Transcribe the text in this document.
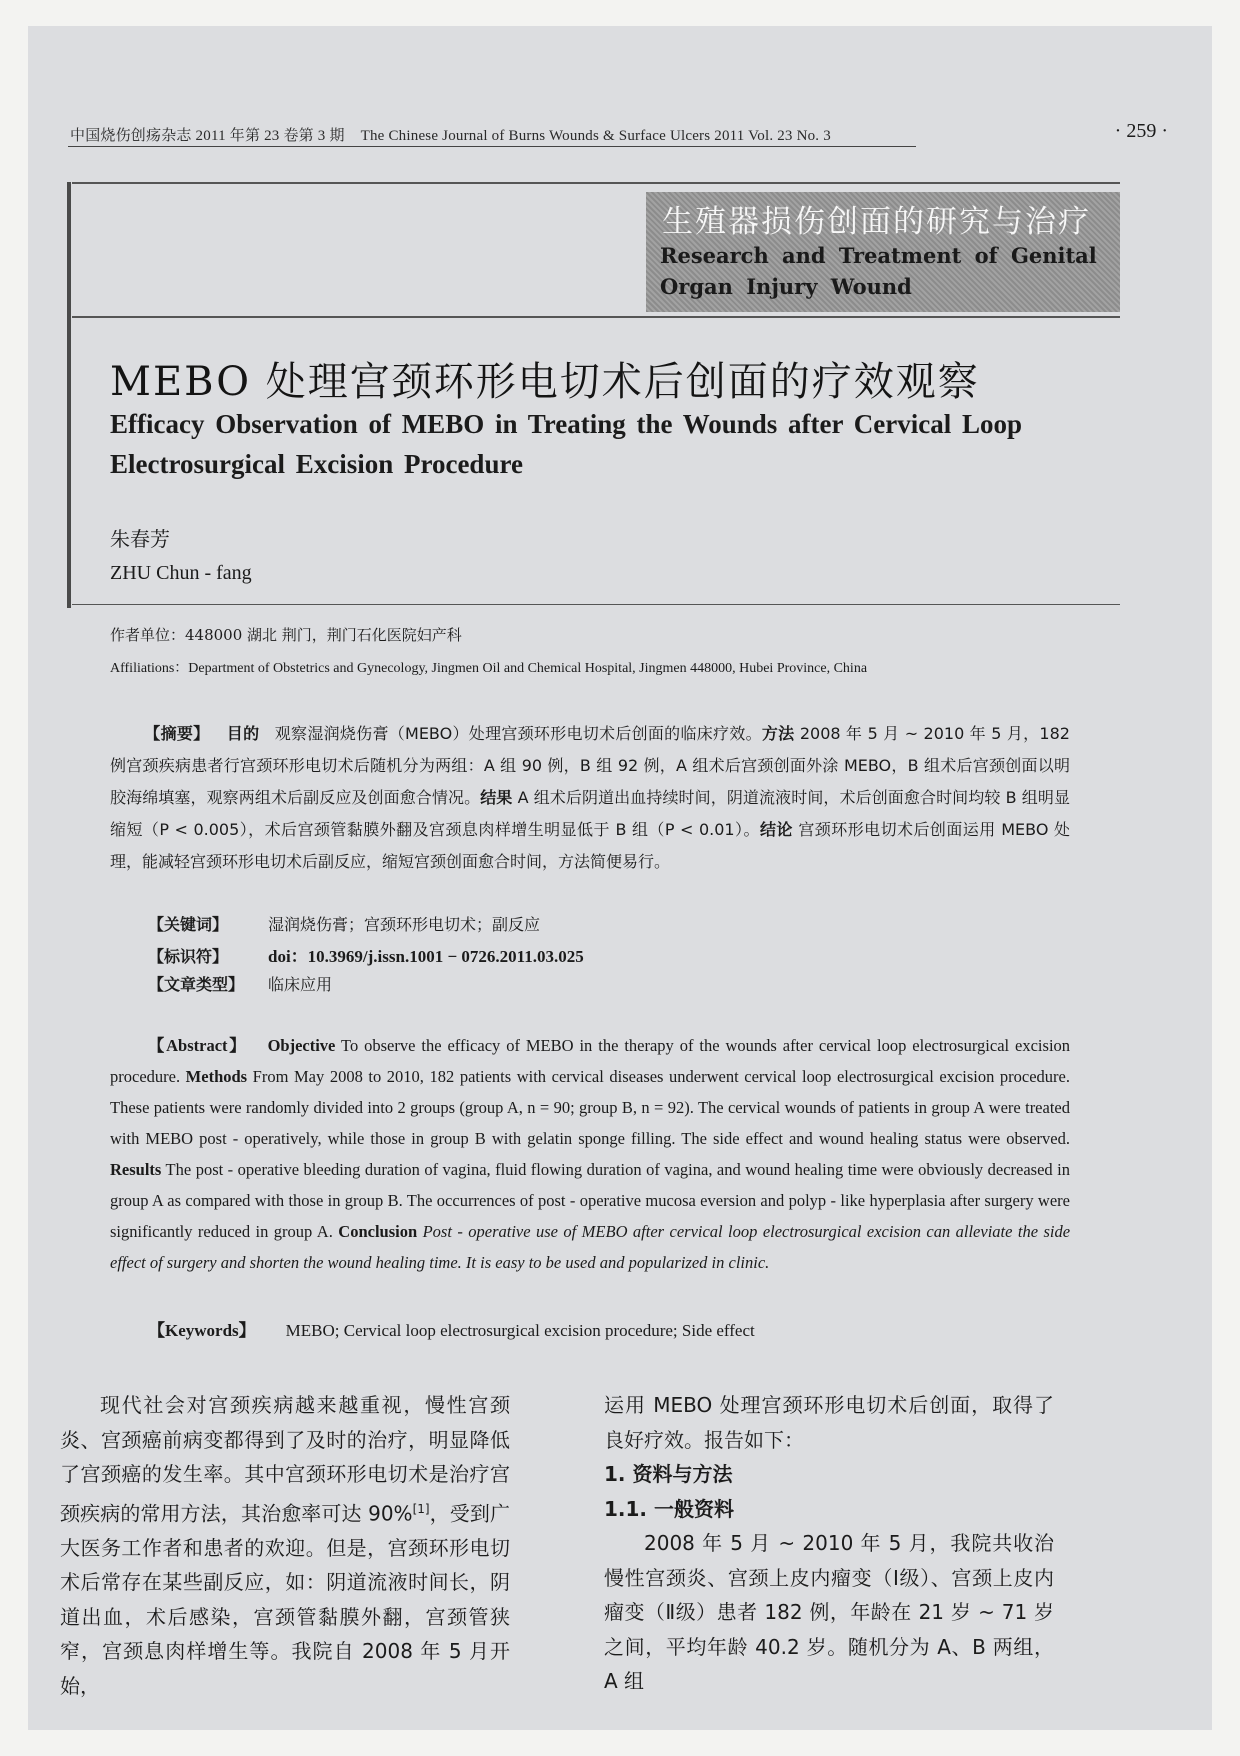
中国烧伤创疡杂志 2011 年第 23 卷第 3 期 The Chinese Journal of Burns Wounds & Surface Ulcers 2011 Vol. 23 No. 3	· 259 ·
生殖器损伤创面的研究与治疗
Research and Treatment of Genital Organ Injury Wound
MEBO 处理宫颈环形电切术后创面的疗效观察
Efficacy Observation of MEBO in Treating the Wounds after Cervical Loop Electrosurgical Excision Procedure
朱春芳
ZHU Chun - fang
作者单位：448000 湖北 荆门，荆门石化医院妇产科
Affiliations：Department of Obstetrics and Gynecology, Jingmen Oil and Chemical Hospital, Jingmen 448000, Hubei Province, China
【摘要】 目的 观察湿润烧伤膏（MEBO）处理宫颈环形电切术后创面的临床疗效。方法 2008 年 5 月 ~ 2010 年 5 月，182 例宫颈疾病患者行宫颈环形电切术后随机分为两组：A 组 90 例，B 组 92 例，A 组术后宫颈创面外涂 MEBO，B 组术后宫颈创面以明胶海绵填塞，观察两组术后副反应及创面愈合情况。结果 A 组术后阴道出血持续时间，阴道流液时间，术后创面愈合时间均较 B 组明显缩短（P < 0.005），术后宫颈管黏膜外翻及宫颈息肉样增生明显低于 B 组（P < 0.01）。结论 宫颈环形电切术后创面运用 MEBO 处理，能减轻宫颈环形电切术后副反应，缩短宫颈创面愈合时间，方法简便易行。
【关键词】 湿润烧伤膏；宫颈环形电切术；副反应
【标识符】 doi：10.3969/j.issn.1001 − 0726.2011.03.025
【文章类型】 临床应用
【Abstract】 Objective To observe the efficacy of MEBO in the therapy of the wounds after cervical loop electrosurgical excision procedure. Methods From May 2008 to 2010, 182 patients with cervical diseases underwent cervical loop electrosurgical excision procedure. These patients were randomly divided into 2 groups (group A, n = 90; group B, n = 92). The cervical wounds of patients in group A were treated with MEBO post - operatively, while those in group B with gelatin sponge filling. The side effect and wound healing status were observed. Results The post - operative bleeding duration of vagina, fluid flowing duration of vagina, and wound healing time were obviously decreased in group A as compared with those in group B. The occurrences of post - operative mucosa eversion and polyp - like hyperplasia after surgery were significantly reduced in group A. Conclusion Post - operative use of MEBO after cervical loop electrosurgical excision can alleviate the side effect of surgery and shorten the wound healing time. It is easy to be used and popularized in clinic.
【Keywords】 MEBO; Cervical loop electrosurgical excision procedure; Side effect
现代社会对宫颈疾病越来越重视，慢性宫颈炎、宫颈癌前病变都得到了及时的治疗，明显降低了宫颈癌的发生率。其中宫颈环形电切术是治疗宫颈疾病的常用方法，其治愈率可达 90%[1]，受到广大医务工作者和患者的欢迎。但是，宫颈环形电切术后常存在某些副反应，如：阴道流液时间长，阴道出血，术后感染，宫颈管黏膜外翻，宫颈管狭窄，宫颈息肉样增生等。我院自 2008 年 5 月开始，
运用 MEBO 处理宫颈环形电切术后创面，取得了良好疗效。报告如下：
1. 资料与方法
1.1. 一般资料
2008 年 5 月 ~ 2010 年 5 月，我院共收治慢性宫颈炎、宫颈上皮内瘤变（Ⅰ级）、宫颈上皮内瘤变（Ⅱ级）患者 182 例，年龄在 21 岁 ~ 71 岁之间，平均年龄 40.2 岁。随机分为 A、B 两组，A 组
